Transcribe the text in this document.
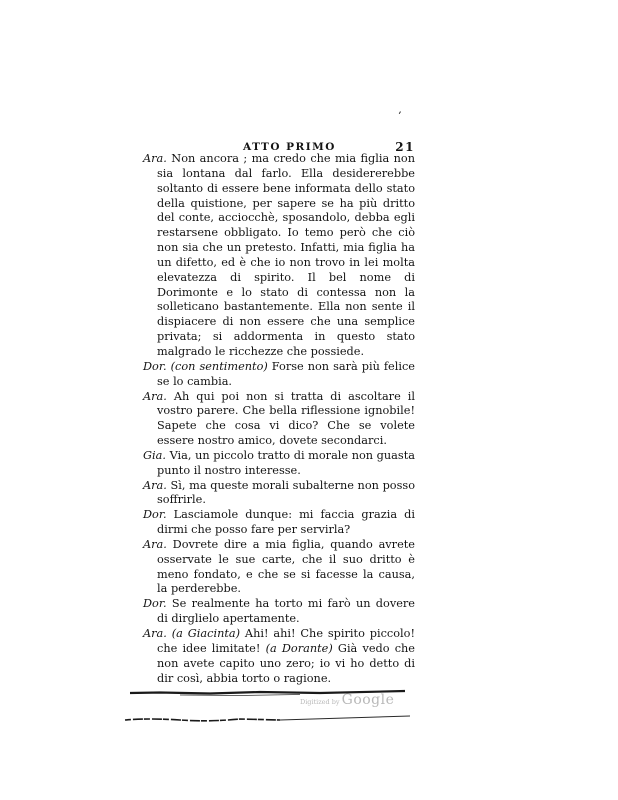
ʹ
ATTO PRIMO	21

Ara. Non ancora ; ma credo che mia figlia non sia lontana dal farlo. Ella desidererebbe soltanto di essere bene informata dello stato della quistione, per sapere se ha più dritto del conte, acciocchè, sposandolo, debba egli restarsene obbligato. Io temo però che ciò non sia che un pretesto. Infatti, mia figlia ha un difetto, ed è che io non trovo in lei molta elevatezza di spirito. Il bel nome di Dorimonte e lo stato di contessa non la solleticano bastantemente. Ella non sente il dispiacere di non essere che una semplice privata; si addormenta in questo stato malgrado le ricchezze che possiede.

Dor. (con sentimento) Forse non sarà più felice se lo cambia.

Ara. Ah qui poi non si tratta di ascoltare il vostro parere. Che bella riflessione ignobile! Sapete che cosa vi dico? Che se volete essere nostro amico, dovete secondarci.

Gia. Via, un piccolo tratto di morale non guasta punto il nostro interesse.

Ara. Sì, ma queste morali subalterne non posso soffrirle.

Dor. Lasciamole dunque: mi faccia grazia di dirmi che posso fare per servirla?

Ara. Dovrete dire a mia figlia, quando avrete osservate le sue carte, che il suo dritto è meno fondato, e che se si facesse la causa, la perderebbe.

Dor. Se realmente ha torto mi farò un dovere di dirglielo apertamente.

Ara. (a Giacinta) Ahi! ahi! Che spirito piccolo! che idee limitate! (a Dorante) Già vedo che non avete capito uno zero; io vi ho detto di dir così, abbia torto o ragione.

Digitized by Google
